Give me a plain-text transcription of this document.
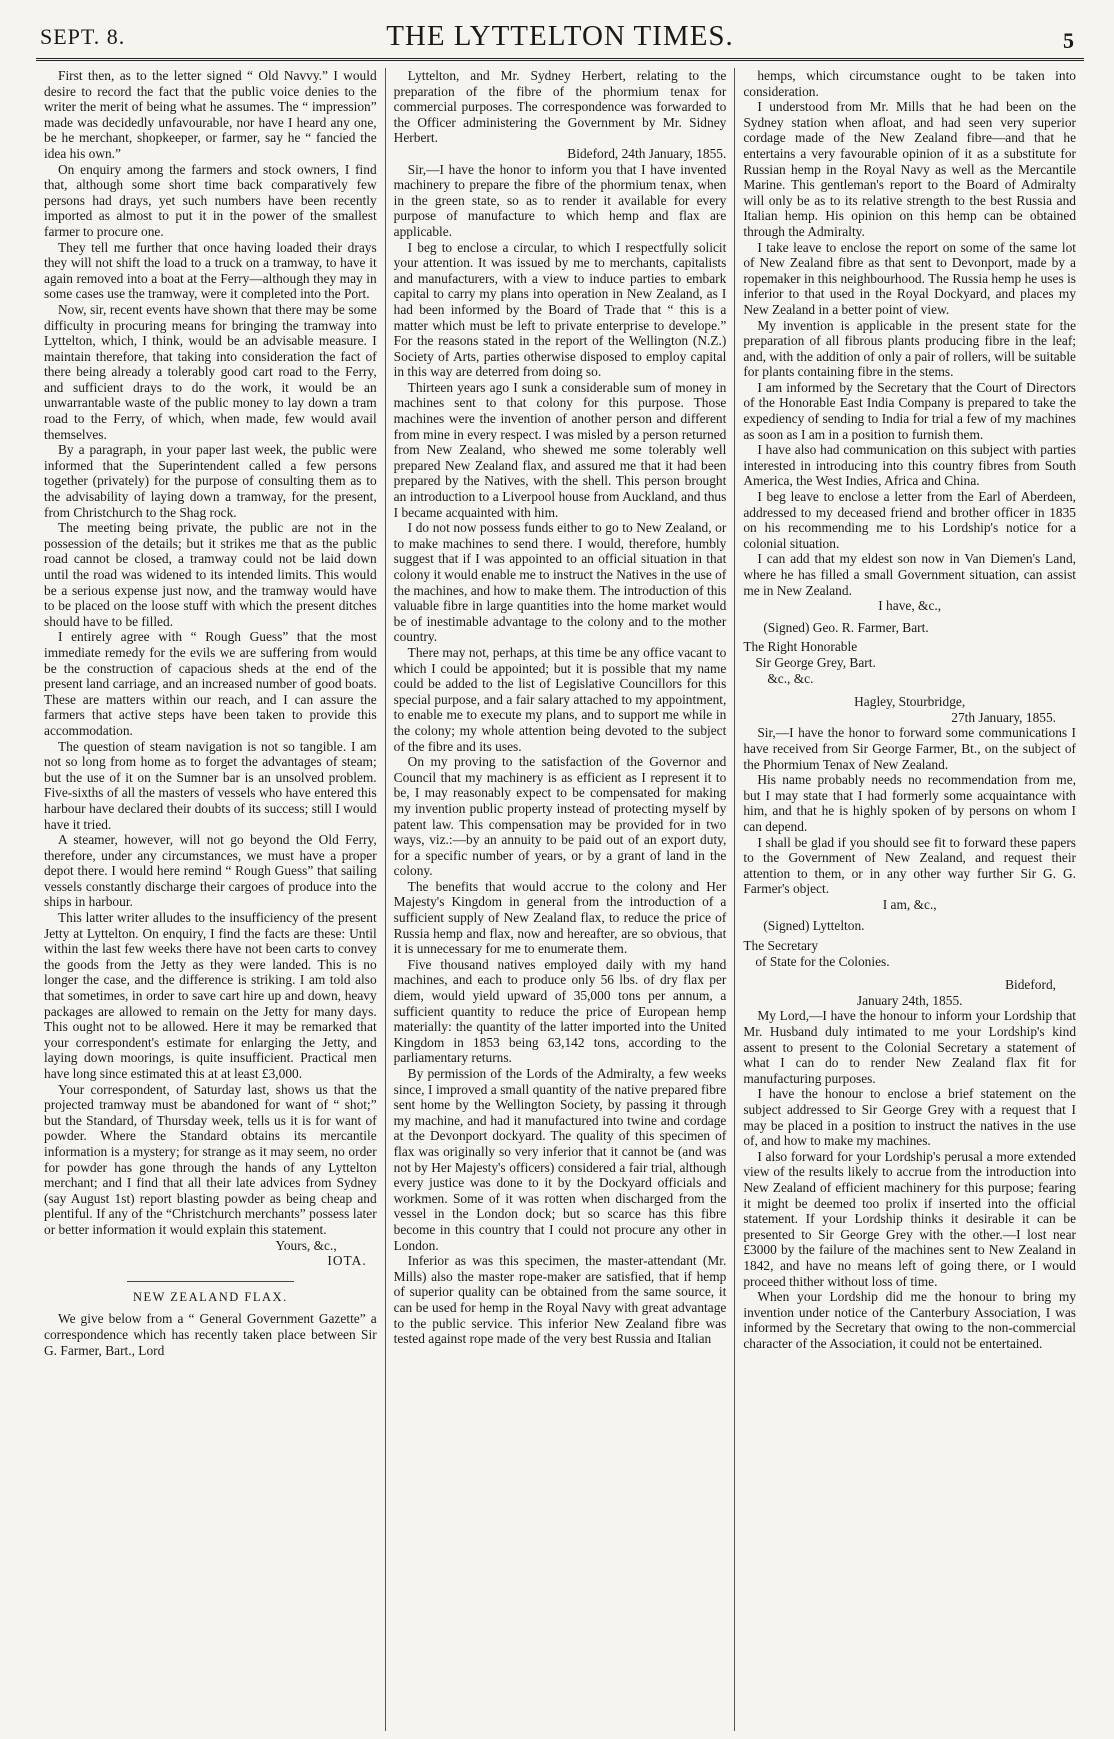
SEPT. 8.	THE LYTTELTON TIMES.	5

First then, as to the letter signed “ Old Navvy.” I would desire to record the fact that the public voice denies to the writer the merit of being what he assumes. The “ impression” made was decidedly unfavourable, nor have I heard any one, be he merchant, shopkeeper, or farmer, say he “ fancied the idea his own.”

On enquiry among the farmers and stock owners, I find that, although some short time back comparatively few persons had drays, yet such numbers have been recently imported as almost to put it in the power of the smallest farmer to procure one.

They tell me further that once having loaded their drays they will not shift the load to a truck on a tramway, to have it again removed into a boat at the Ferry—although they may in some cases use the tramway, were it completed into the Port.

Now, sir, recent events have shown that there may be some difficulty in procuring means for bringing the tramway into Lyttelton, which, I think, would be an advisable measure. I maintain therefore, that taking into consideration the fact of there being already a tolerably good cart road to the Ferry, and sufficient drays to do the work, it would be an unwarrantable waste of the public money to lay down a tram road to the Ferry, of which, when made, few would avail themselves.

By a paragraph, in your paper last week, the public were informed that the Superintendent called a few persons together (privately) for the purpose of consulting them as to the advisability of laying down a tramway, for the present, from Christchurch to the Shag rock.

The meeting being private, the public are not in the possession of the details; but it strikes me that as the public road cannot be closed, a tramway could not be laid down until the road was widened to its intended limits. This would be a serious expense just now, and the tramway would have to be placed on the loose stuff with which the present ditches should have to be filled.

I entirely agree with “ Rough Guess” that the most immediate remedy for the evils we are suffering from would be the construction of capacious sheds at the end of the present land carriage, and an increased number of good boats. These are matters within our reach, and I can assure the farmers that active steps have been taken to provide this accommodation.

The question of steam navigation is not so tangible. I am not so long from home as to forget the advantages of steam; but the use of it on the Sumner bar is an unsolved problem. Five-sixths of all the masters of vessels who have entered this harbour have declared their doubts of its success; still I would have it tried.

A steamer, however, will not go beyond the Old Ferry, therefore, under any circumstances, we must have a proper depot there. I would here remind “ Rough Guess” that sailing vessels constantly discharge their cargoes of produce into the ships in harbour.

This latter writer alludes to the insufficiency of the present Jetty at Lyttelton. On enquiry, I find the facts are these: Until within the last few weeks there have not been carts to convey the goods from the Jetty as they were landed. This is no longer the case, and the difference is striking. I am told also that sometimes, in order to save cart hire up and down, heavy packages are allowed to remain on the Jetty for many days. This ought not to be allowed. Here it may be remarked that your correspondent's estimate for enlarging the Jetty, and laying down moorings, is quite insufficient. Practical men have long since estimated this at at least £3,000.

Your correspondent, of Saturday last, shows us that the projected tramway must be abandoned for want of “ shot;” but the Standard, of Thursday week, tells us it is for want of powder. Where the Standard obtains its mercantile information is a mystery; for strange as it may seem, no order for powder has gone through the hands of any Lyttelton merchant; and I find that all their late advices from Sydney (say August 1st) report blasting powder as being cheap and plentiful. If any of the “Christchurch merchants” possess later or better information it would explain this statement.

Yours, &c.,
IOTA.
NEW ZEALAND FLAX.

We give below from a “ General Government Gazette” a correspondence which has recently taken place between Sir G. Farmer, Bart., Lord

Lyttelton, and Mr. Sydney Herbert, relating to the preparation of the fibre of the phormium tenax for commercial purposes. The correspondence was forwarded to the Officer administering the Government by Mr. Sidney Herbert.

Bideford, 24th January, 1855.

Sir,—I have the honor to inform you that I have invented machinery to prepare the fibre of the phormium tenax, when in the green state, so as to render it available for every purpose of manufacture to which hemp and flax are applicable.

I beg to enclose a circular, to which I respectfully solicit your attention. It was issued by me to merchants, capitalists and manufacturers, with a view to induce parties to embark capital to carry my plans into operation in New Zealand, as I had been informed by the Board of Trade that “ this is a matter which must be left to private enterprise to develope.” For the reasons stated in the report of the Wellington (N.Z.) Society of Arts, parties otherwise disposed to employ capital in this way are deterred from doing so.

Thirteen years ago I sunk a considerable sum of money in machines sent to that colony for this purpose. Those machines were the invention of another person and different from mine in every respect. I was misled by a person returned from New Zealand, who shewed me some tolerably well prepared New Zealand flax, and assured me that it had been prepared by the Natives, with the shell. This person brought an introduction to a Liverpool house from Auckland, and thus I became acquainted with him.

I do not now possess funds either to go to New Zealand, or to make machines to send there. I would, therefore, humbly suggest that if I was appointed to an official situation in that colony it would enable me to instruct the Natives in the use of the machines, and how to make them. The introduction of this valuable fibre in large quantities into the home market would be of inestimable advantage to the colony and to the mother country.

There may not, perhaps, at this time be any office vacant to which I could be appointed; but it is possible that my name could be added to the list of Legislative Councillors for this special purpose, and a fair salary attached to my appointment, to enable me to execute my plans, and to support me while in the colony; my whole attention being devoted to the subject of the fibre and its uses.

On my proving to the satisfaction of the Governor and Council that my machinery is as efficient as I represent it to be, I may reasonably expect to be compensated for making my invention public property instead of protecting myself by patent law. This compensation may be provided for in two ways, viz.:—by an annuity to be paid out of an export duty, for a specific number of years, or by a grant of land in the colony.

The benefits that would accrue to the colony and Her Majesty's Kingdom in general from the introduction of a sufficient supply of New Zealand flax, to reduce the price of Russia hemp and flax, now and hereafter, are so obvious, that it is unnecessary for me to enumerate them.

Five thousand natives employed daily with my hand machines, and each to produce only 56 lbs. of dry flax per diem, would yield upward of 35,000 tons per annum, a sufficient quantity to reduce the price of European hemp materially: the quantity of the latter imported into the United Kingdom in 1853 being 63,142 tons, according to the parliamentary returns.

By permission of the Lords of the Admiralty, a few weeks since, I improved a small quantity of the native prepared fibre sent home by the Wellington Society, by passing it through my machine, and had it manufactured into twine and cordage at the Devonport dockyard. The quality of this specimen of flax was originally so very inferior that it cannot be (and was not by Her Majesty's officers) considered a fair trial, although every justice was done to it by the Dockyard officials and workmen. Some of it was rotten when discharged from the vessel in the London dock; but so scarce has this fibre become in this country that I could not procure any other in London.

Inferior as was this specimen, the master-attendant (Mr. Mills) also the master rope-maker are satisfied, that if hemp of superior quality can be obtained from the same source, it can be used for hemp in the Royal Navy with great advantage to the public service. This inferior New Zealand fibre was tested against rope made of the very best Russia and Italian

hemps, which circumstance ought to be taken into consideration.

I understood from Mr. Mills that he had been on the Sydney station when afloat, and had seen very superior cordage made of the New Zealand fibre—and that he entertains a very favourable opinion of it as a substitute for Russian hemp in the Royal Navy as well as the Mercantile Marine. This gentleman's report to the Board of Admiralty will only be as to its relative strength to the best Russia and Italian hemp. His opinion on this hemp can be obtained through the Admiralty.

I take leave to enclose the report on some of the same lot of New Zealand fibre as that sent to Devonport, made by a ropemaker in this neighbourhood. The Russia hemp he uses is inferior to that used in the Royal Dockyard, and places my New Zealand in a better point of view.

My invention is applicable in the present state for the preparation of all fibrous plants producing fibre in the leaf; and, with the addition of only a pair of rollers, will be suitable for plants containing fibre in the stems.

I am informed by the Secretary that the Court of Directors of the Honorable East India Company is prepared to take the expediency of sending to India for trial a few of my machines as soon as I am in a position to furnish them.

I have also had communication on this subject with parties interested in introducing into this country fibres from South America, the West Indies, Africa and China.

I beg leave to enclose a letter from the Earl of Aberdeen, addressed to my deceased friend and brother officer in 1835 on his recommending me to his Lordship's notice for a colonial situation.

I can add that my eldest son now in Van Diemen's Land, where he has filled a small Government situation, can assist me in New Zealand.

I have, &c.,
(Signed) Geo. R. Farmer, Bart.
The Right Honorable
Sir George Grey, Bart.
&c., &c.
Hagley, Stourbridge,
27th January, 1855.

Sir,—I have the honor to forward some communications I have received from Sir George Farmer, Bt., on the subject of the Phormium Tenax of New Zealand.

His name probably needs no recommendation from me, but I may state that I had formerly some acquaintance with him, and that he is highly spoken of by persons on whom I can depend.

I shall be glad if you should see fit to forward these papers to the Government of New Zealand, and request their attention to them, or in any other way further Sir G. G. Farmer's object.

I am, &c.,
(Signed) Lyttelton.
The Secretary
of State for the Colonies.
Bideford,
January 24th, 1855.

My Lord,—I have the honour to inform your Lordship that Mr. Husband duly intimated to me your Lordship's kind assent to present to the Colonial Secretary a statement of what I can do to render New Zealand flax fit for manufacturing purposes.

I have the honour to enclose a brief statement on the subject addressed to Sir George Grey with a request that I may be placed in a position to instruct the natives in the use of, and how to make my machines.

I also forward for your Lordship's perusal a more extended view of the results likely to accrue from the introduction into New Zealand of efficient machinery for this purpose; fearing it might be deemed too prolix if inserted into the official statement. If your Lordship thinks it desirable it can be presented to Sir George Grey with the other.—I lost near £3000 by the failure of the machines sent to New Zealand in 1842, and have no means left of going there, or I would proceed thither without loss of time.

When your Lordship did me the honour to bring my invention under notice of the Canterbury Association, I was informed by the Secretary that owing to the non-commercial character of the Association, it could not be entertained.
